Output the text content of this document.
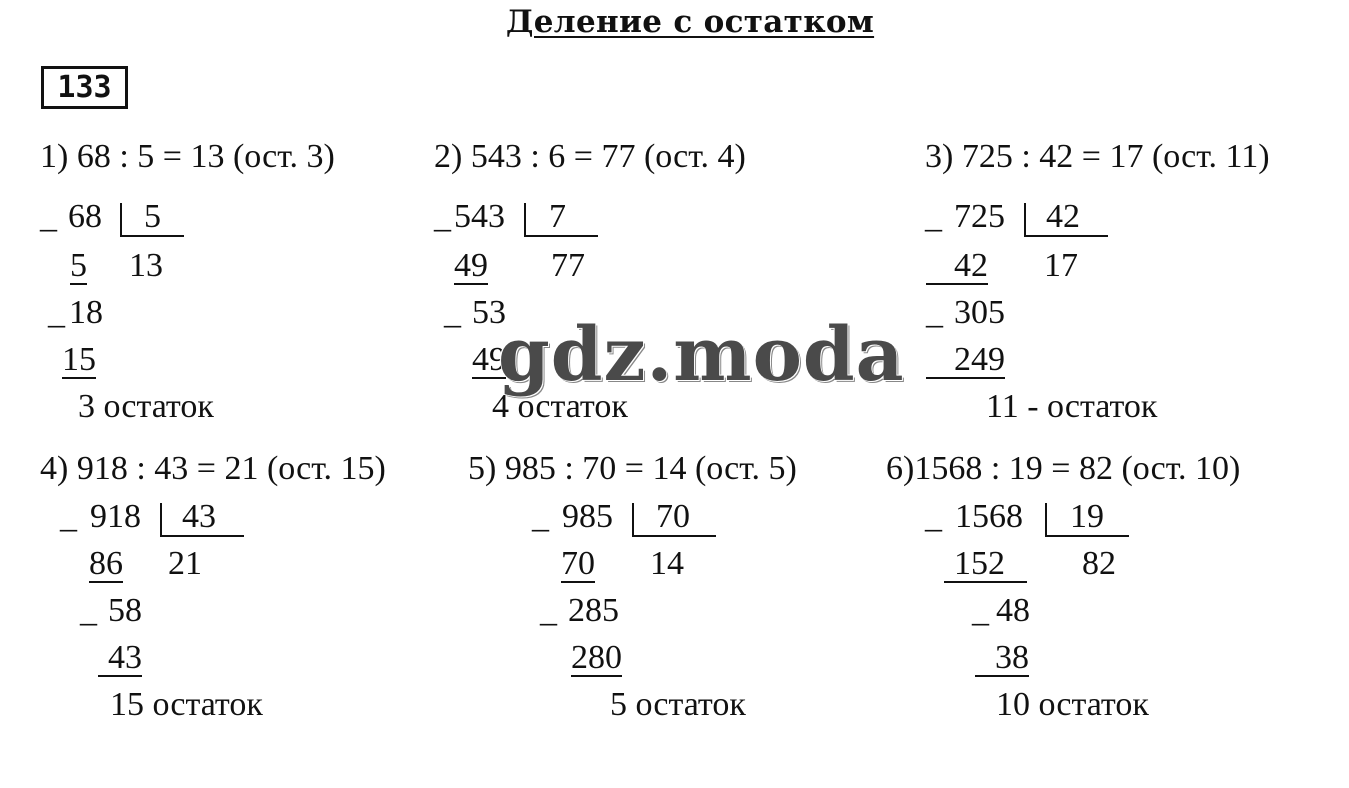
Деление с остатком
133
1) 68 : 5 = 13 (ост. 3)
_ 68 5
5 13
_ 18
15
3 остаток
2) 543 : 6 = 77 (ост. 4)
_ 543 7
49 77
_ 53
49
4 остаток
3) 725 : 42 = 17 (ост. 11)
_ 725 42
42 17
_ 305
249
11 - остаток
4) 918 : 43 = 21 (ост. 15)
_ 918 43
86 21
_ 58
43
15 остаток
5) 985 : 70 = 14 (ост. 5)
_ 985 70
70 14
_ 285
280
5 остаток
6)1568 : 19 = 82 (ост. 10)
_ 1568 19
152	82
_ 48
38
10 остаток
gdz.moda
